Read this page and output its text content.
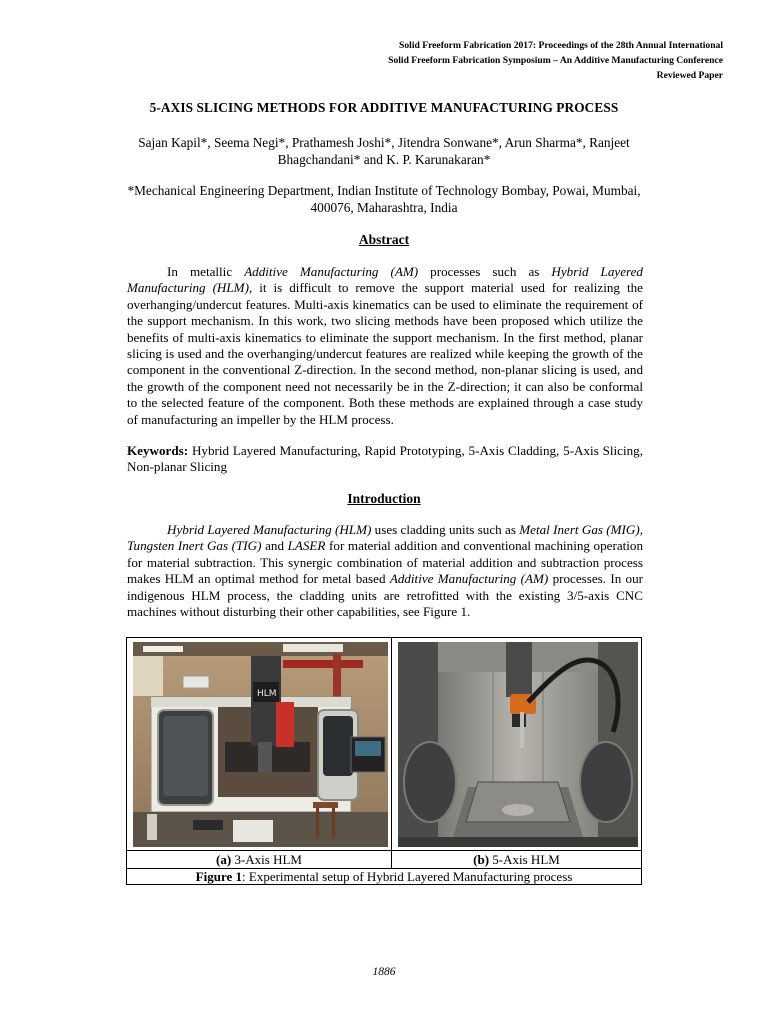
Solid Freeform Fabrication 2017: Proceedings of the 28th Annual International
Solid Freeform Fabrication Symposium – An Additive Manufacturing Conference
Reviewed Paper
5-AXIS SLICING METHODS FOR ADDITIVE MANUFACTURING PROCESS
Sajan Kapil*, Seema Negi*, Prathamesh Joshi*, Jitendra Sonwane*, Arun Sharma*, Ranjeet Bhagchandani* and K. P. Karunakaran*
*Mechanical Engineering Department, Indian Institute of Technology Bombay, Powai, Mumbai, 400076, Maharashtra, India
Abstract

In metallic Additive Manufacturing (AM) processes such as Hybrid Layered Manufacturing (HLM), it is difficult to remove the support material used for realizing the overhanging/undercut features. Multi-axis kinematics can be used to eliminate the requirement of the support mechanism. In this work, two slicing methods have been proposed which utilize the benefits of multi-axis kinematics to eliminate the support mechanism. In the first method, planar slicing is used and the overhanging/undercut features are realized while keeping the growth of the component in the conventional Z-direction. In the second method, non-planar slicing is used, and the growth of the component need not necessarily be in the Z-direction; it can also be conformal to the selected feature of the component. Both these methods are explained through a case study of manufacturing an impeller by the HLM process.

Keywords: Hybrid Layered Manufacturing, Rapid Prototyping, 5-Axis Cladding, 5-Axis Slicing, Non-planar Slicing

Introduction

Hybrid Layered Manufacturing (HLM) uses cladding units such as Metal Inert Gas (MIG), Tungsten Inert Gas (TIG) and LASER for material addition and conventional machining operation for material subtraction. This synergic combination of material addition and subtraction process makes HLM an optimal method for metal based Additive Manufacturing (AM) processes. In our indigenous HLM process, the cladding units are retrofitted with the existing 3/5-axis CNC machines without disturbing their other capabilities, see Figure 1.

HLM
(a) 3-Axis HLM	(b) 5-Axis HLM
Figure 1: Experimental setup of Hybrid Layered Manufacturing process
1886
